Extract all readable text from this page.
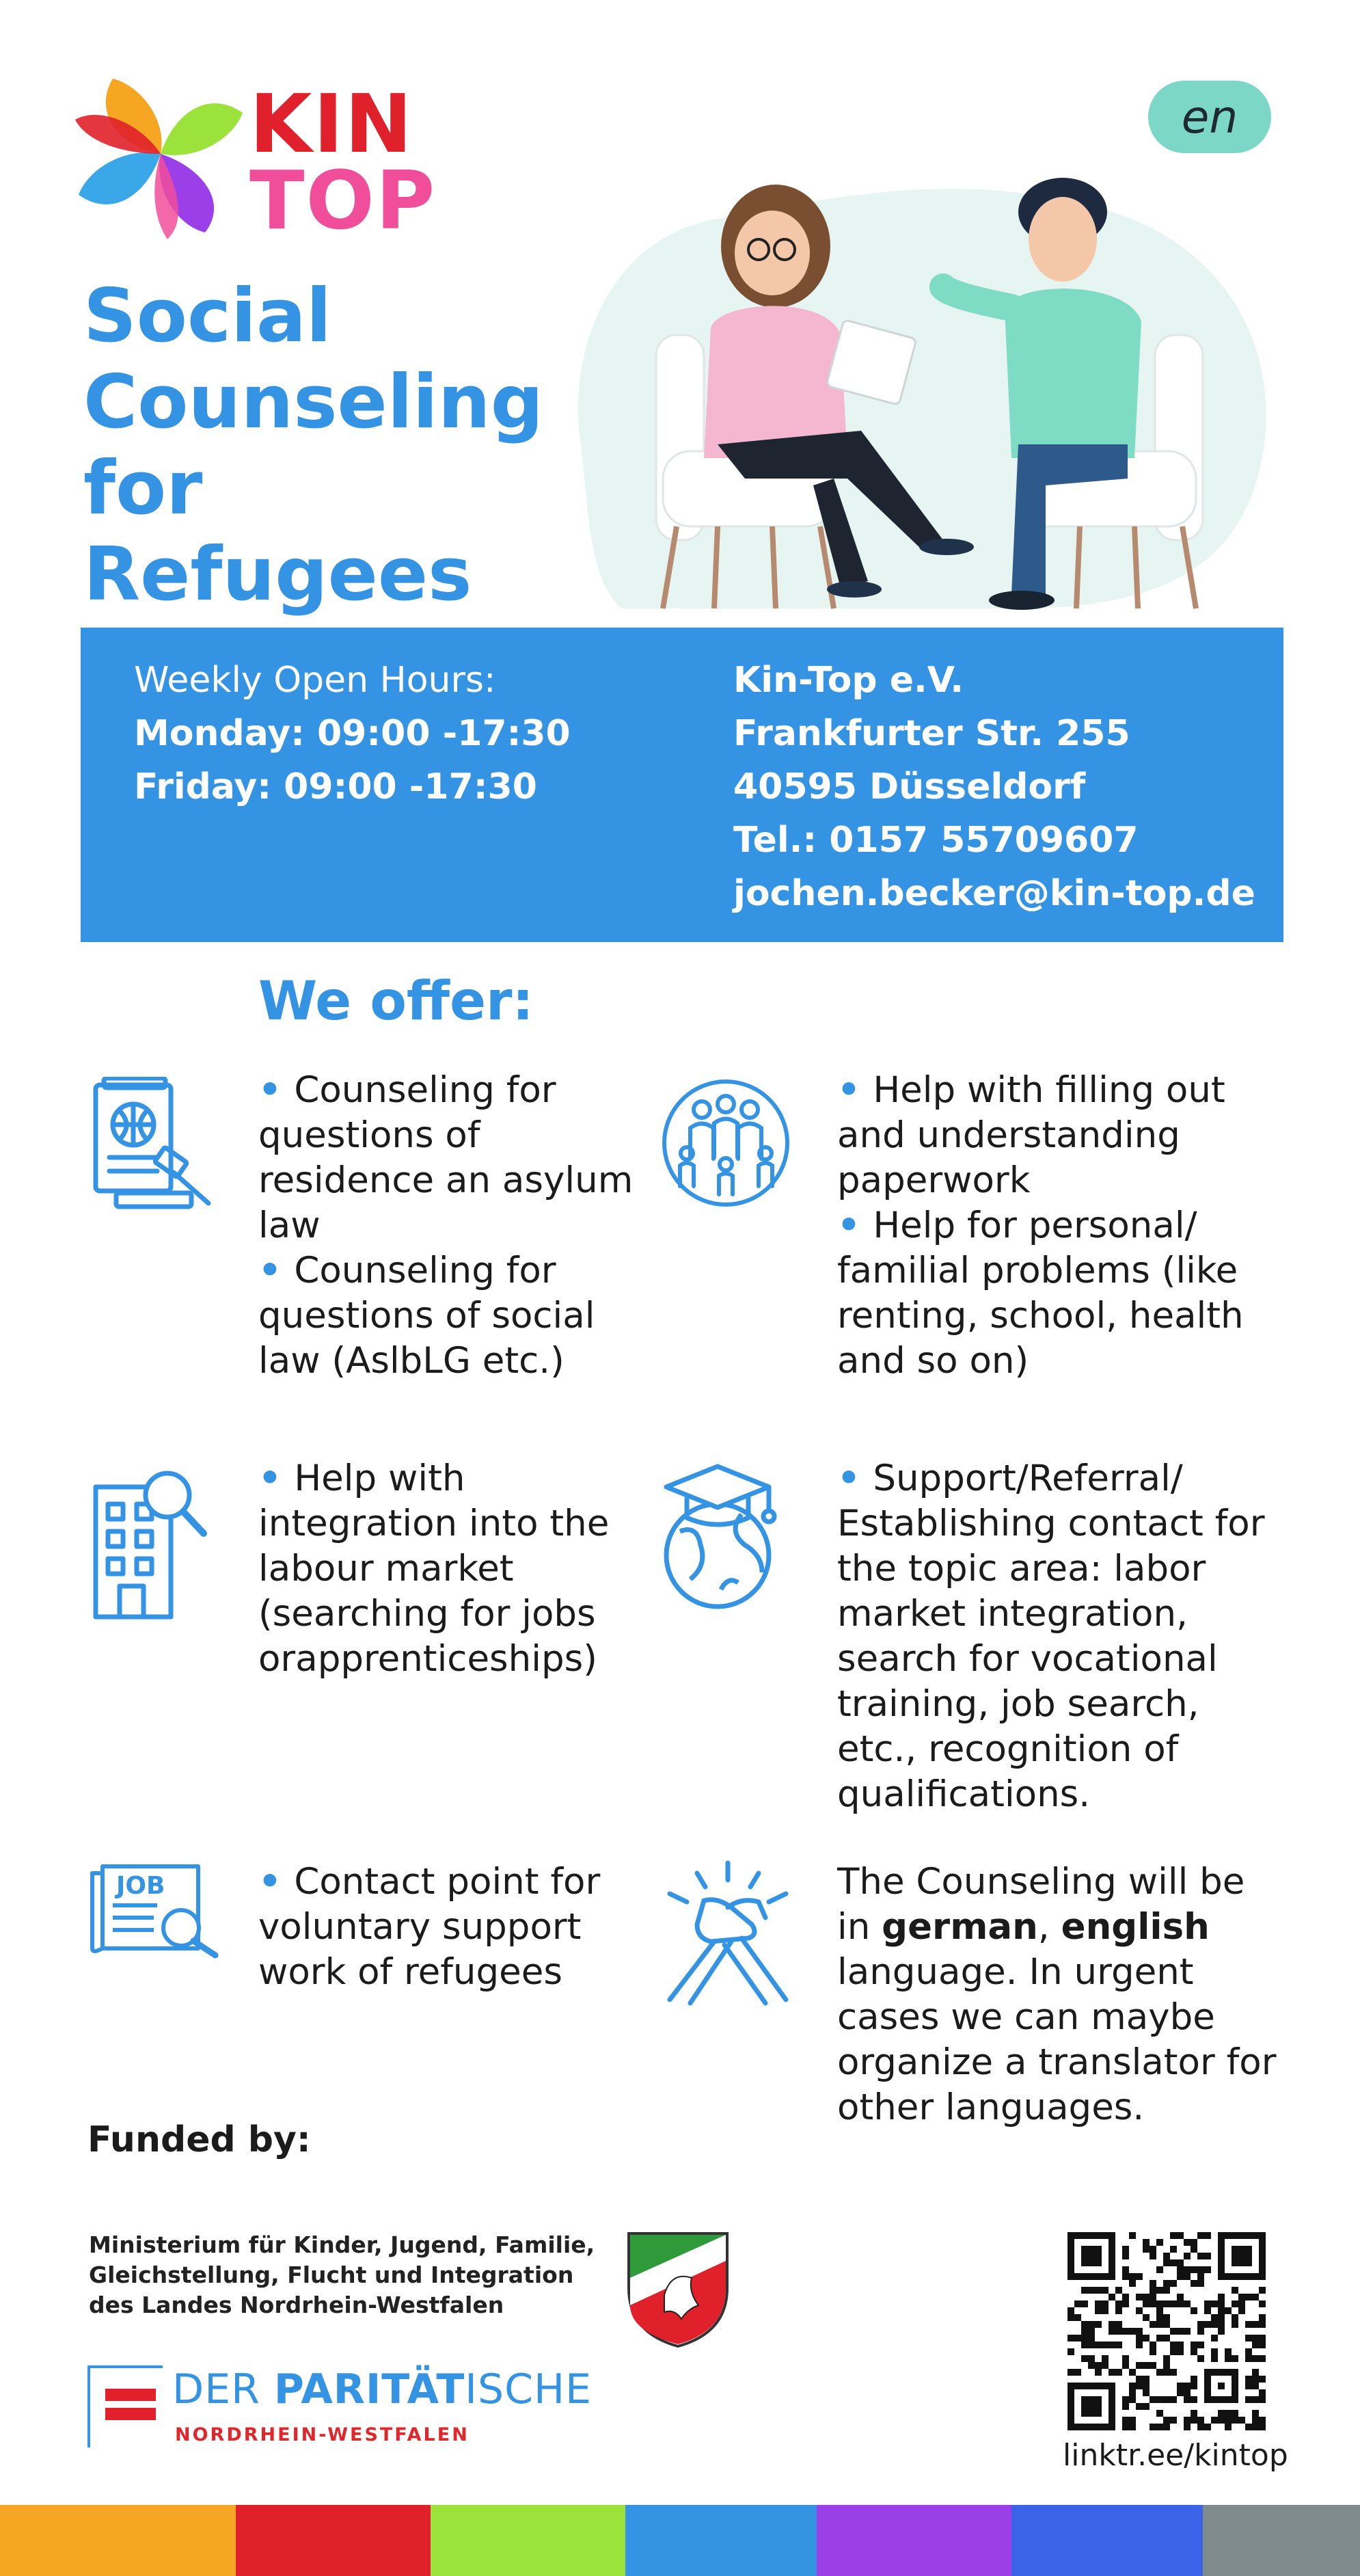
KIN
TOP
en
Social
Counseling
for
Refugees
Weekly Open Hours:
Monday: 09:00 -17:30
Friday: 09:00 -17:30
Kin-Top e.V.
Frankfurter Str. 255
40595 Düsseldorf
Tel.: 0157 55709607
jochen.becker@kin-top.de
We offer:
• Counseling for questions of residence an asylum law
• Counseling for questions of social law (AslbLG etc.)
• Help with filling out and understanding paperwork
• Help for personal/ familial problems (like renting, school, health and so on)
• Help with integration into the labour market (searching for jobs orapprenticeships)
• Support/Referral/ Establishing contact for the topic area: labor market integration, search for vocational training, job search, etc., recognition of qualifications.
JOB	• Contact point for voluntary support work of refugees
The Counseling will be in german, english language. In urgent cases we can maybe organize a translator for other languages.
Funded by:
Ministerium für Kinder, Jugend, Familie,
Gleichstellung, Flucht und Integration
des Landes Nordrhein-Westfalen
DER PARITÄTISCHE
NORDRHEIN-WESTFALEN
linktr.ee/kintop
